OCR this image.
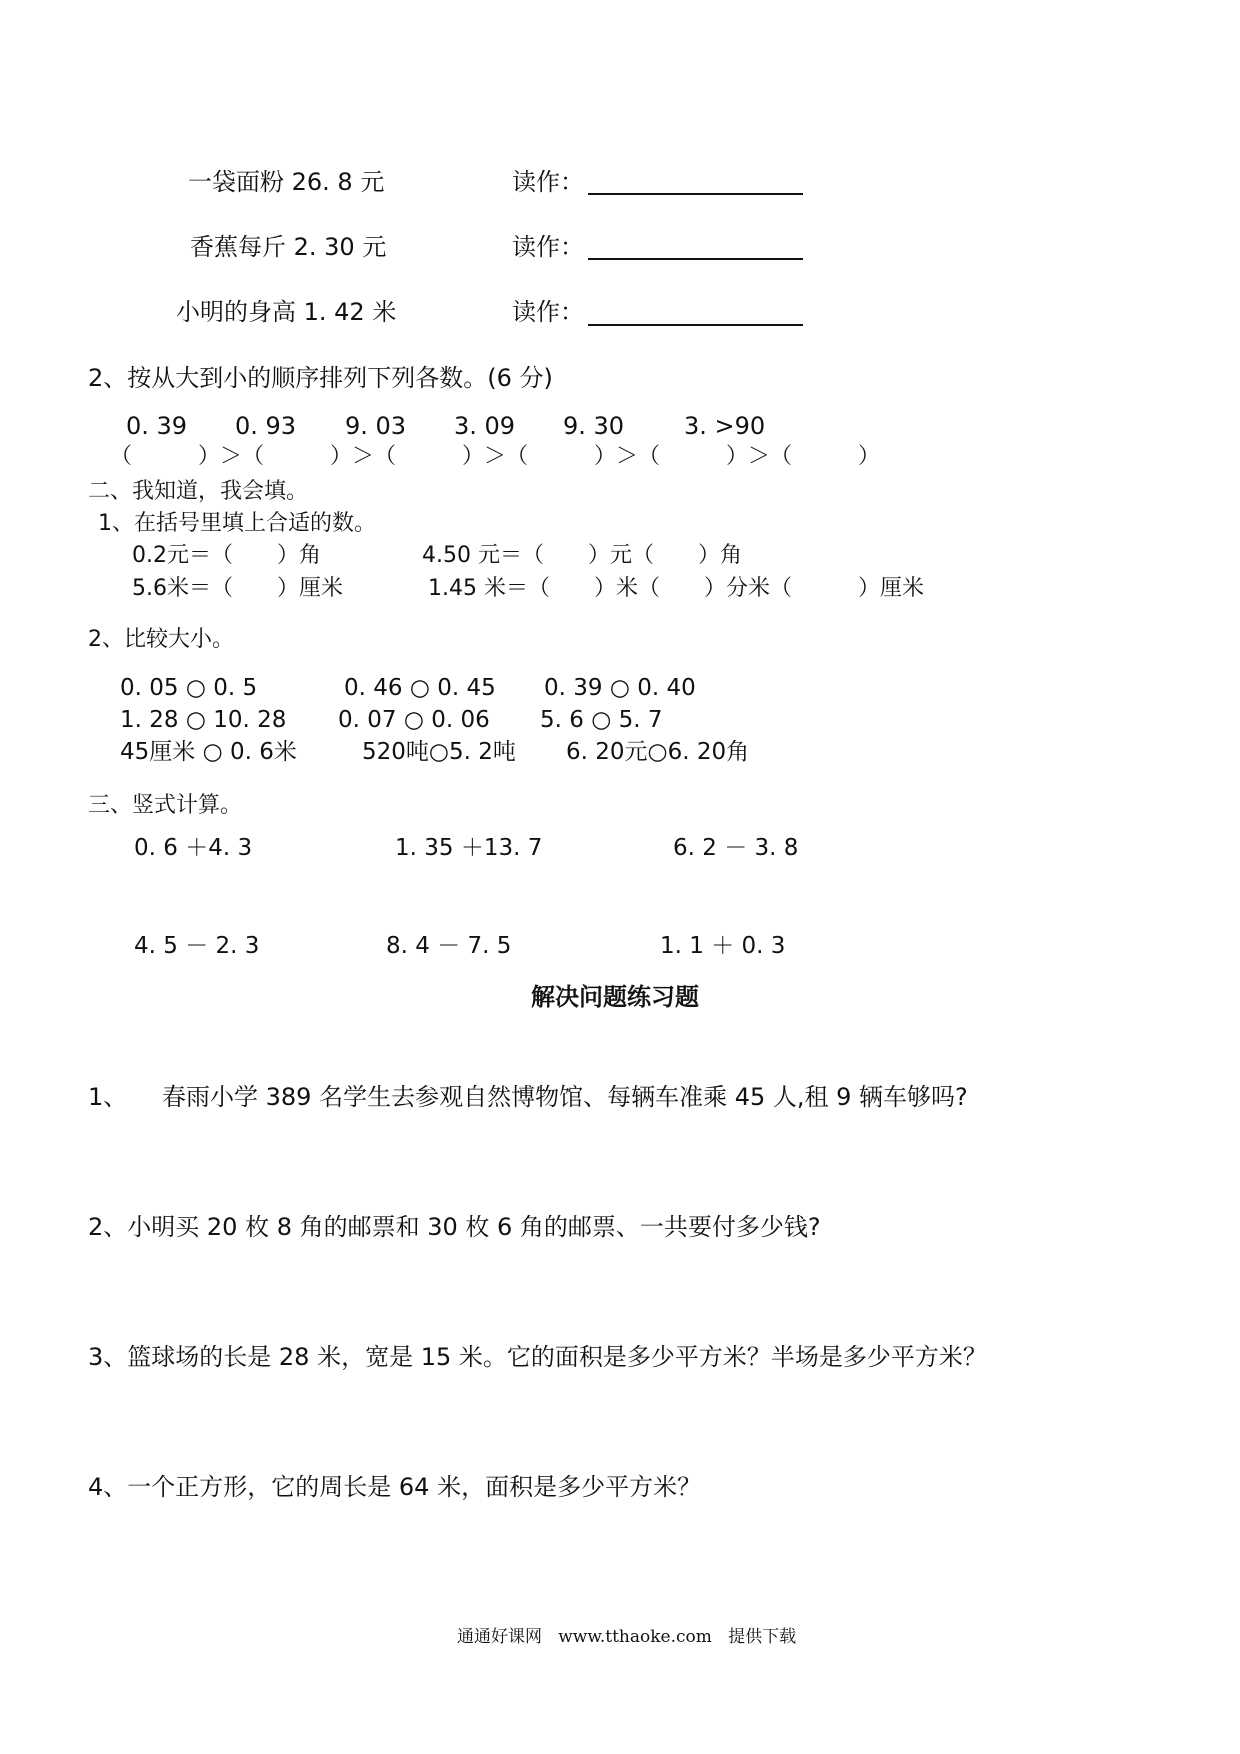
一袋面粉 26. 8 元	读作：
香蕉每斤 2. 30 元	读作：
小明的身高 1. 42 米	读作：
2、按从大到小的顺序排列下列各数。(6 分)
0. 39 0. 93 9. 03 3. 09 9. 30 3. >90
（　　　）＞（　　　）＞（　　　）＞（　　　）＞（　　　）＞（　　　）
二、我知道，我会填。
1、在括号里填上合适的数。
0.2元＝（　　）角	4.50 元＝（　　）元（　　）角
5.6米＝（　　）厘米	1.45 米＝（　　）米（　　）分米（　　　）厘米
2、比较大小。
0. 05 ○ 0. 5	0. 46 ○ 0. 45 0. 39 ○ 0. 40
1. 28 ○ 10. 28 0. 07 ○ 0. 06 5. 6 ○ 5. 7
45厘米 ○ 0. 6米	520吨○5. 2吨 6. 20元○6. 20角
三、竖式计算。
0. 6 ＋4. 3	1. 35 ＋13. 7	6. 2 － 3. 8
4. 5 － 2. 3	8. 4 － 7. 5	1. 1 ＋ 0. 3
解决问题练习题
1、 春雨小学 389 名学生去参观自然博物馆、每辆车准乘 45 人,租 9 辆车够吗?
2、小明买 20 枚 8 角的邮票和 30 枚 6 角的邮票、一共要付多少钱?
3、篮球场的长是 28 米，宽是 15 米。它的面积是多少平方米？半场是多少平方米？
4、一个正方形，它的周长是 64 米，面积是多少平方米？
通通好课网   www.tthaoke.com   提供下载
